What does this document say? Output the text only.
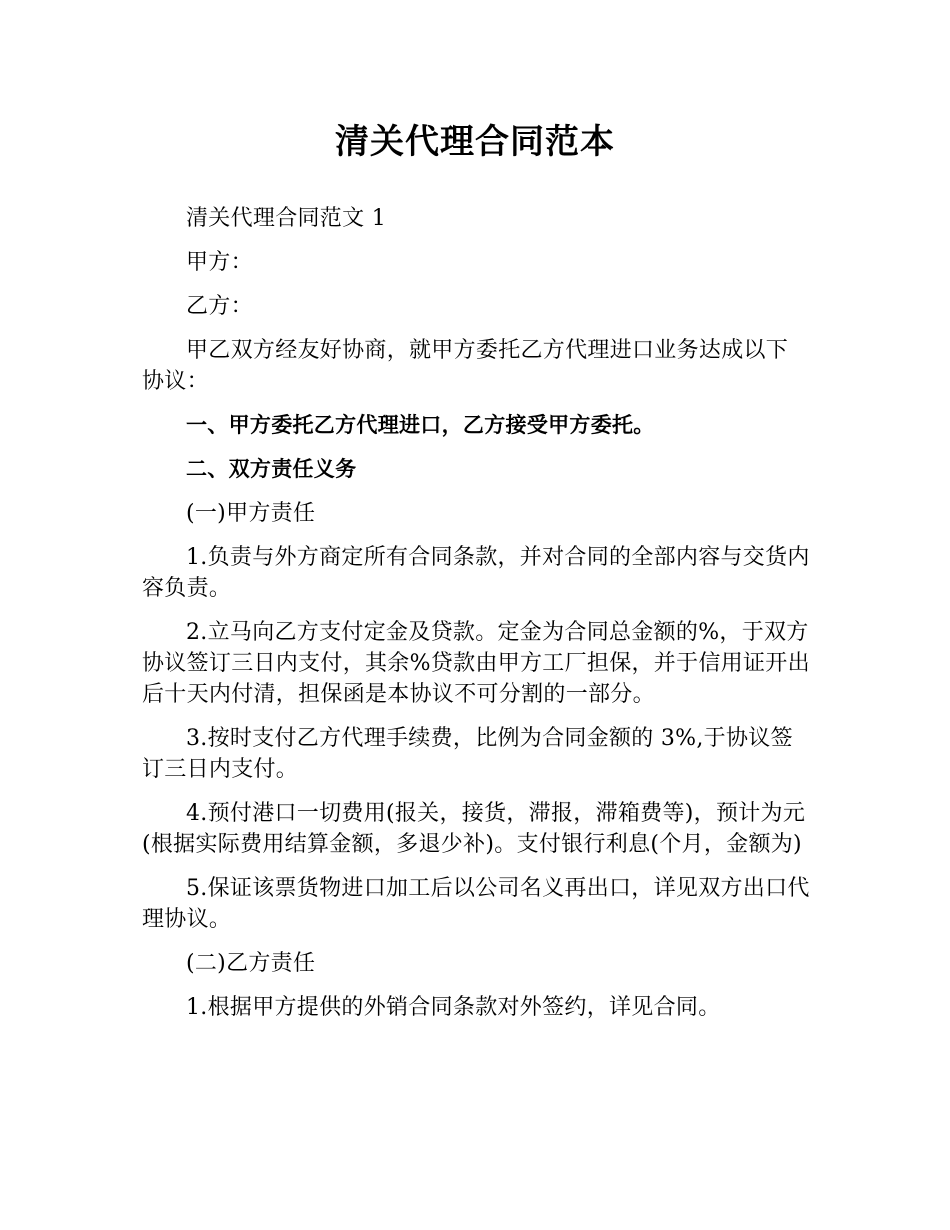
清关代理合同范本

清关代理合同范文 1

甲方：

乙方：

甲乙双方经友好协商，就甲方委托乙方代理进口业务达成以下协议：

一、甲方委托乙方代理进口，乙方接受甲方委托。

二、双方责任义务

(一)甲方责任

1.负责与外方商定所有合同条款，并对合同的全部内容与交货内容负责。

2.立马向乙方支付定金及贷款。定金为合同总金额的%，于双方协议签订三日内支付，其余%贷款由甲方工厂担保，并于信用证开出后十天内付清，担保函是本协议不可分割的一部分。

3.按时支付乙方代理手续费，比例为合同金额的 3%,于协议签订三日内支付。

4.预付港口一切费用(报关，接货，滞报，滞箱费等)，预计为元(根据实际费用结算金额，多退少补)。支付银行利息(个月，金额为)

5.保证该票货物进口加工后以公司名义再出口，详见双方出口代理协议。

(二)乙方责任

1.根据甲方提供的外销合同条款对外签约，详见合同。
